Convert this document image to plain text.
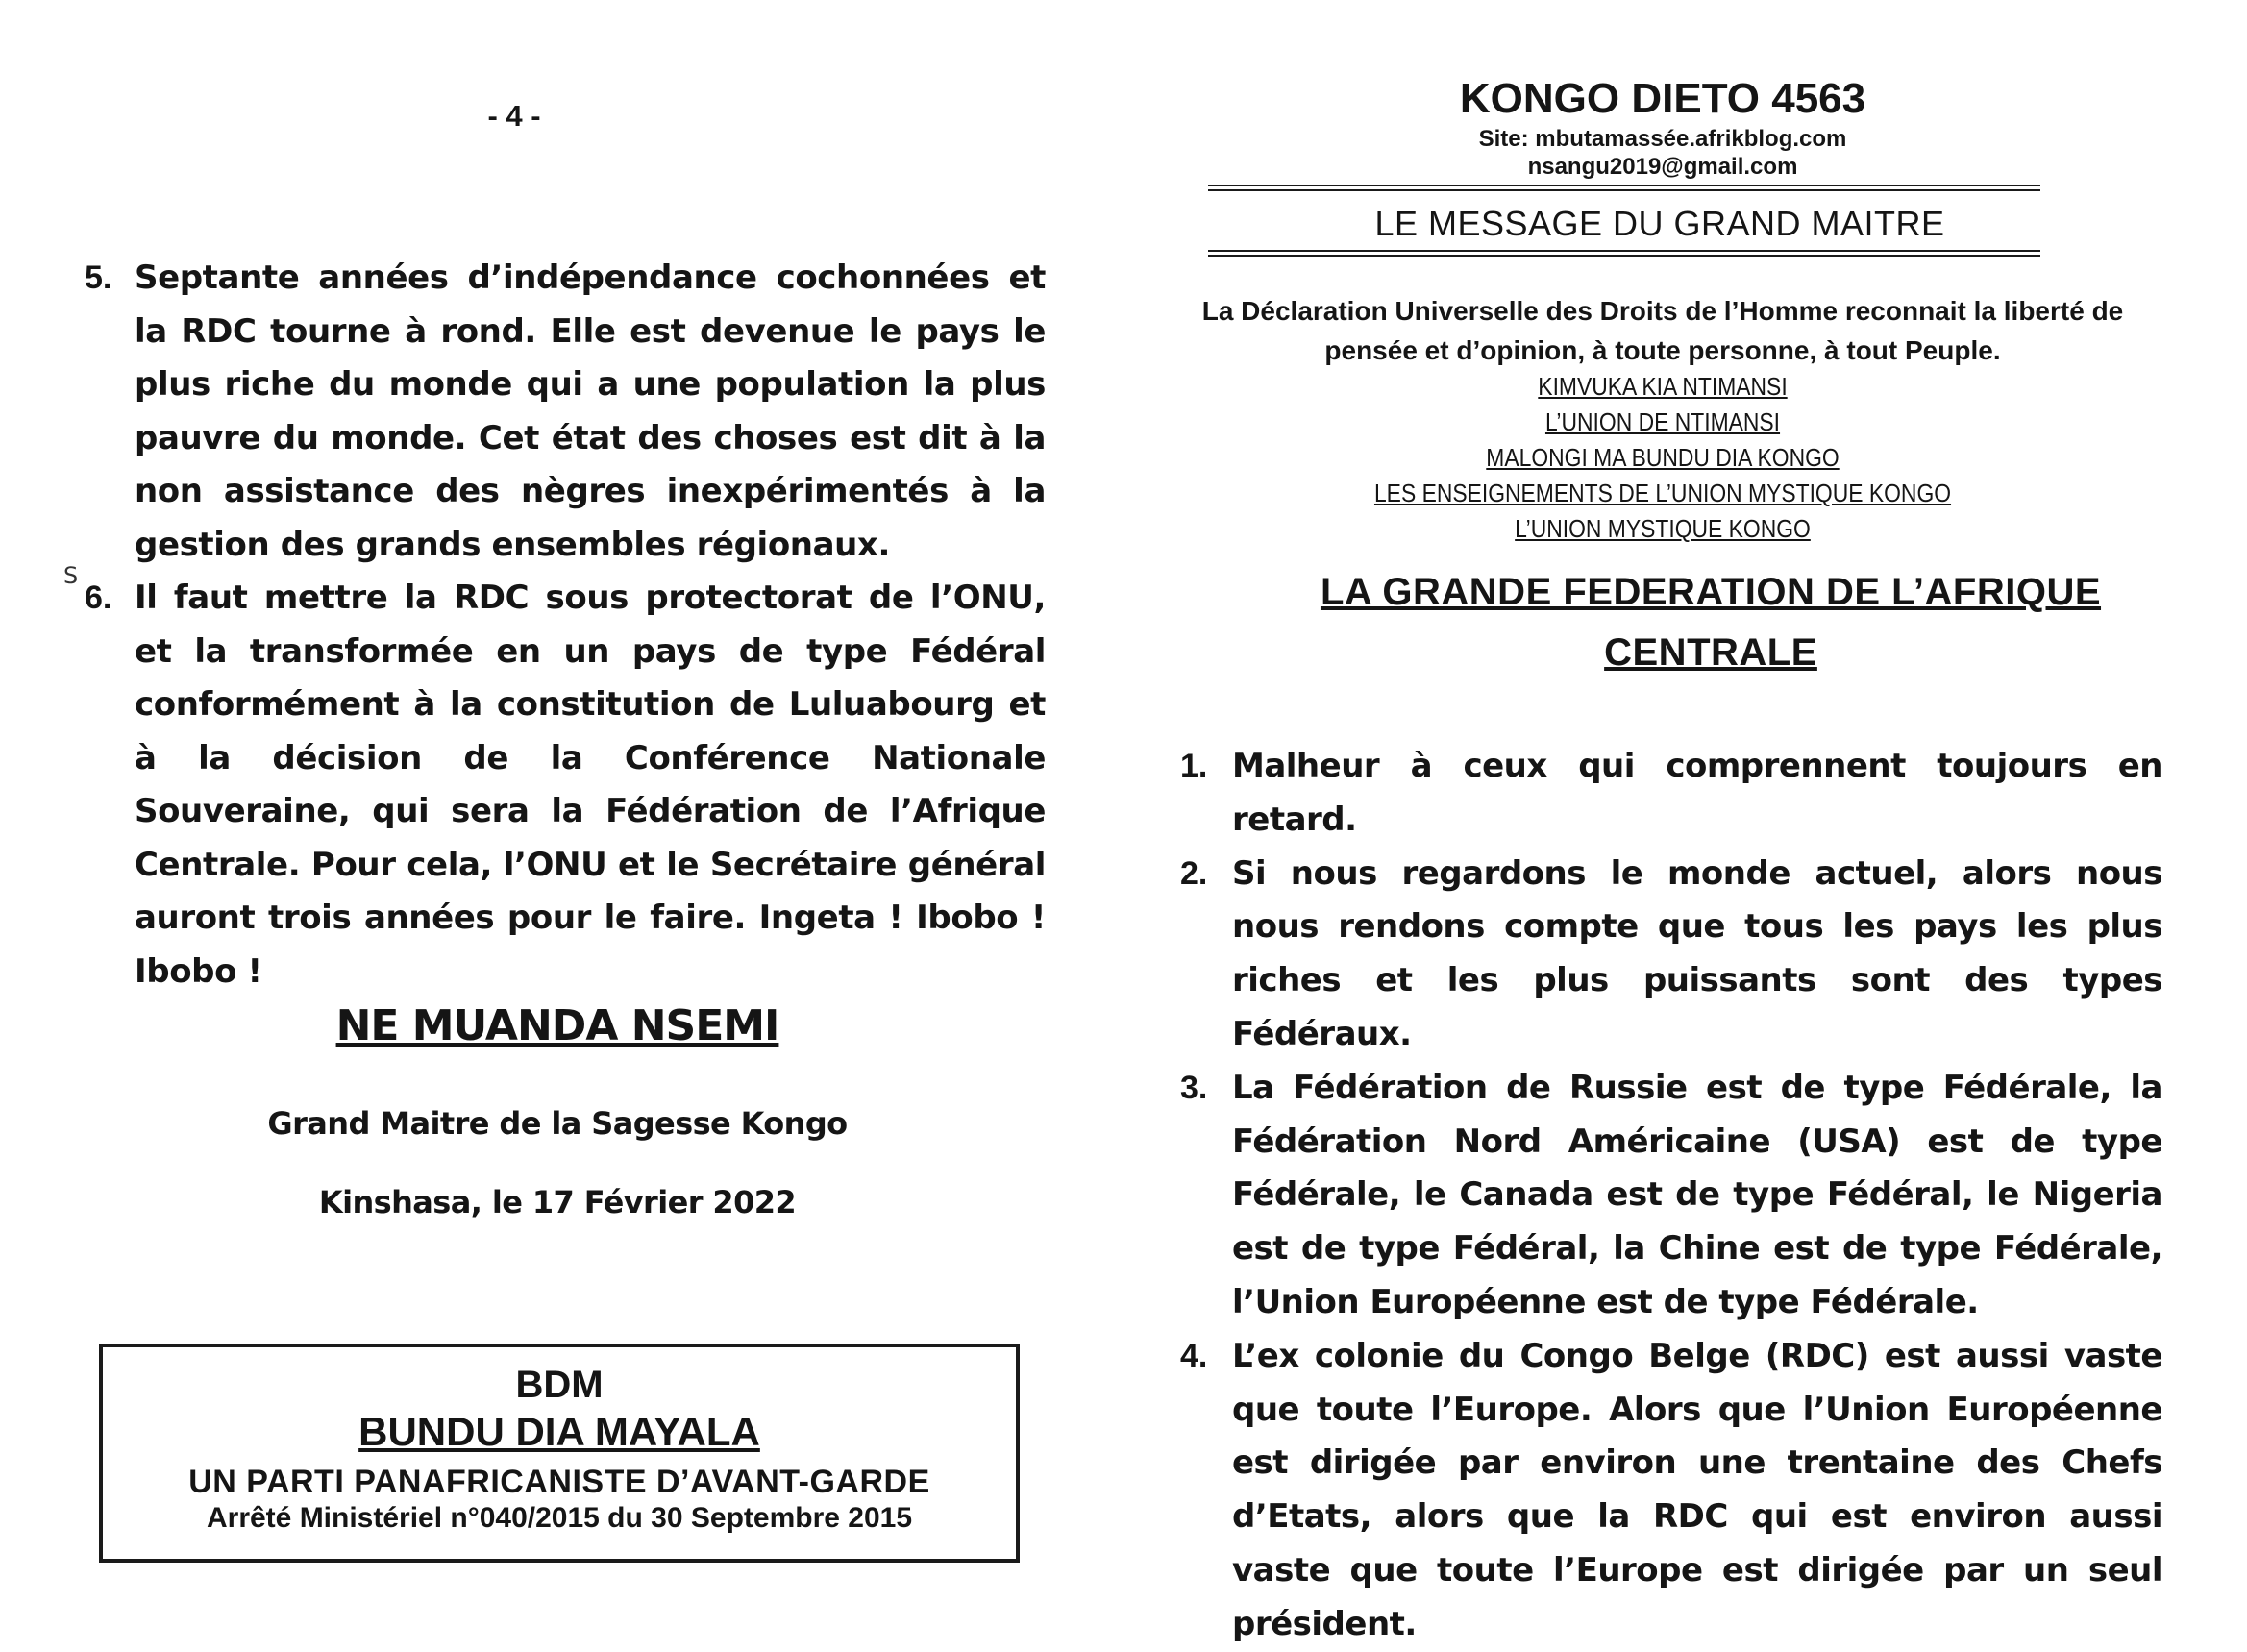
- 4 -
S
5. Septante années d’indépendance cochonnées et la RDC tourne à rond. Elle est devenue le pays le plus riche du monde qui a une population la plus pauvre du monde. Cet état des choses est dit à la non assistance des nègres inexpérimentés à la gestion des grands ensembles régionaux.
6. Il faut mettre la RDC sous protectorat de l’ONU, et la transformée en un pays de type Fédéral conformément à la constitution de Luluabourg et à la décision de la Conférence Nationale Souveraine, qui sera la Fédération de l’Afrique Centrale. Pour cela, l’ONU et le Secrétaire général auront trois années pour le faire. Ingeta ! Ibobo ! Ibobo !
NE MUANDA NSEMI
Grand Maitre de la Sagesse Kongo
Kinshasa, le 17 Février 2022
BDM
BUNDU DIA MAYALA
UN PARTI PANAFRICANISTE D’AVANT-GARDE
Arrêté Ministériel n°040/2015 du 30 Septembre 2015
KONGO DIETO 4563
Site: mbutamassée.afrikblog.com
nsangu2019@gmail.com
LE MESSAGE DU GRAND MAITRE
La Déclaration Universelle des Droits de l’Homme reconnait la liberté de pensée et d’opinion, à toute personne, à tout Peuple.
KIMVUKA KIA NTIMANSI
L’UNION DE NTIMANSI
MALONGI MA BUNDU DIA KONGO
LES ENSEIGNEMENTS DE L’UNION MYSTIQUE KONGO
L’UNION MYSTIQUE KONGO
LA GRANDE FEDERATION DE L’AFRIQUE CENTRALE
1. Malheur à ceux qui comprennent toujours en retard.
2. Si nous regardons le monde actuel, alors nous nous rendons compte que tous les pays les plus riches et les plus puissants sont des types Fédéraux.
3. La Fédération de Russie est de type Fédérale, la Fédération Nord Américaine (USA) est de type Fédérale, le Canada est de type Fédéral, le Nigeria est de type Fédéral, la Chine est de type Fédérale, l’Union Européenne est de type Fédérale.
4. L’ex colonie du Congo Belge (RDC) est aussi vaste que toute l’Europe. Alors que l’Union Européenne est dirigée par environ une trentaine des Chefs d’Etats, alors que la RDC qui est environ aussi vaste que toute l’Europe est dirigée par un seul président.
